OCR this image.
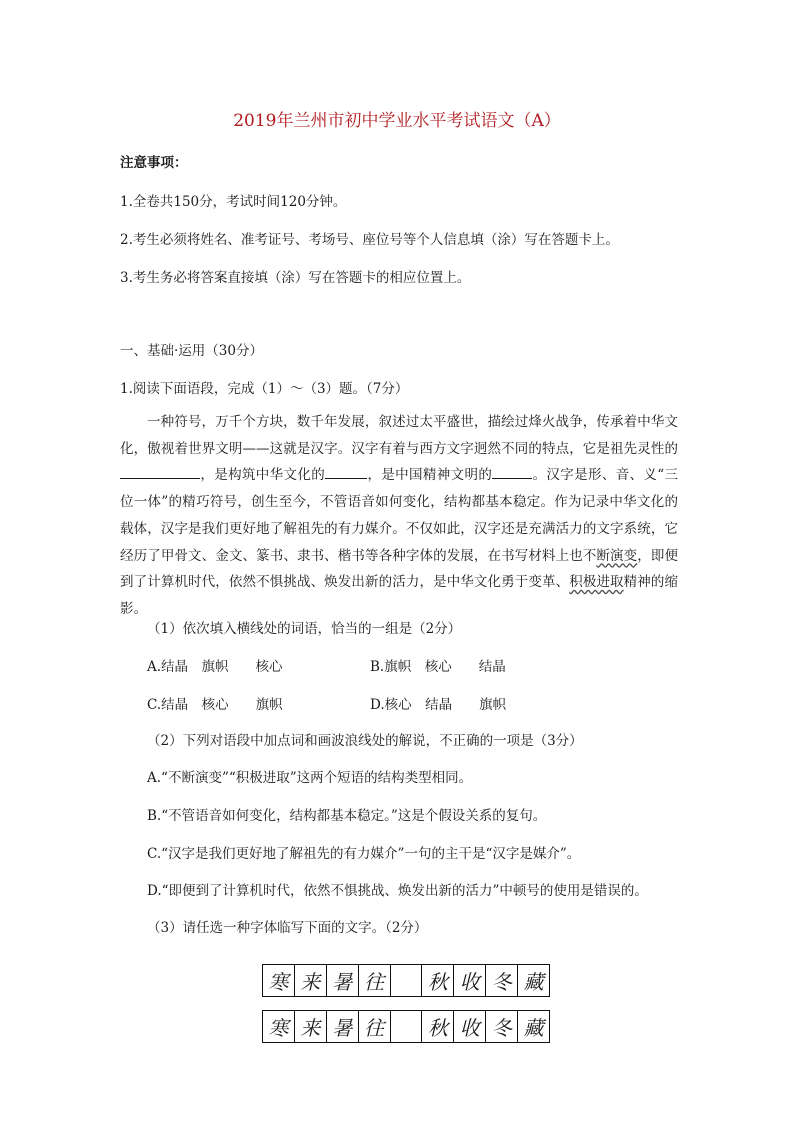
2019年兰州市初中学业水平考试语文（A）
注意事项：
1.全卷共150分，考试时间120分钟。
2.考生必须将姓名、准考证号、考场号、座位号等个人信息填（涂）写在答题卡上。
3.考生务必将答案直接填（涂）写在答题卡的相应位置上。
一、基础·运用（30分）
1.阅读下面语段，完成（1）～（3）题。（7分）

一种符号，万千个方块，数千年发展，叙述过太平盛世，描绘过烽火战争，传承着中华文化，傲视着世界文明——这就是汉字。汉字有着与西方文字迥然不同的特点，它是祖先灵性的，是构筑中华文化的	，是中国精神文明的	。汉字是形、音、义“三位一体”的精巧符号，创生至今，不管语音如何变化，结构都基本稳定。作为记录中华文化的载体，汉字是我们更好地了解祖先的有力媒介。不仅如此，汉字还是充满活力的文字系统，它经历了甲骨文、金文、篆书、隶书、楷书等各种字体的发展，在书写材料上也不断演变，即便到了计算机时代，依然不惧挑战、焕发出新的活力，是中华文化勇于变革、积极进取精神的缩影。

（1）依次填入横线处的词语，恰当的一组是（2分）
A.结晶　旗帜　　核心	B.旗帜　核心　　结晶
C.结晶　核心　　旗帜	D.核心　结晶　　旗帜
（2）下列对语段中加点词和画波浪线处的解说，不正确的一项是（3分）
A.“不断演变”“积极进取”这两个短语的结构类型相同。
B.“不管语音如何变化，结构都基本稳定。”这是个假设关系的复句。
C.“汉字是我们更好地了解祖先的有力媒介”一句的主干是“汉字是媒介”。
D.“即便到了计算机时代，依然不惧挑战、焕发出新的活力”中顿号的使用是错误的。
（3）请任选一种字体临写下面的文字。（2分）
寒 来 暑 往	秋 收 冬 藏
寒 来 暑 往	秋 收 冬 藏
